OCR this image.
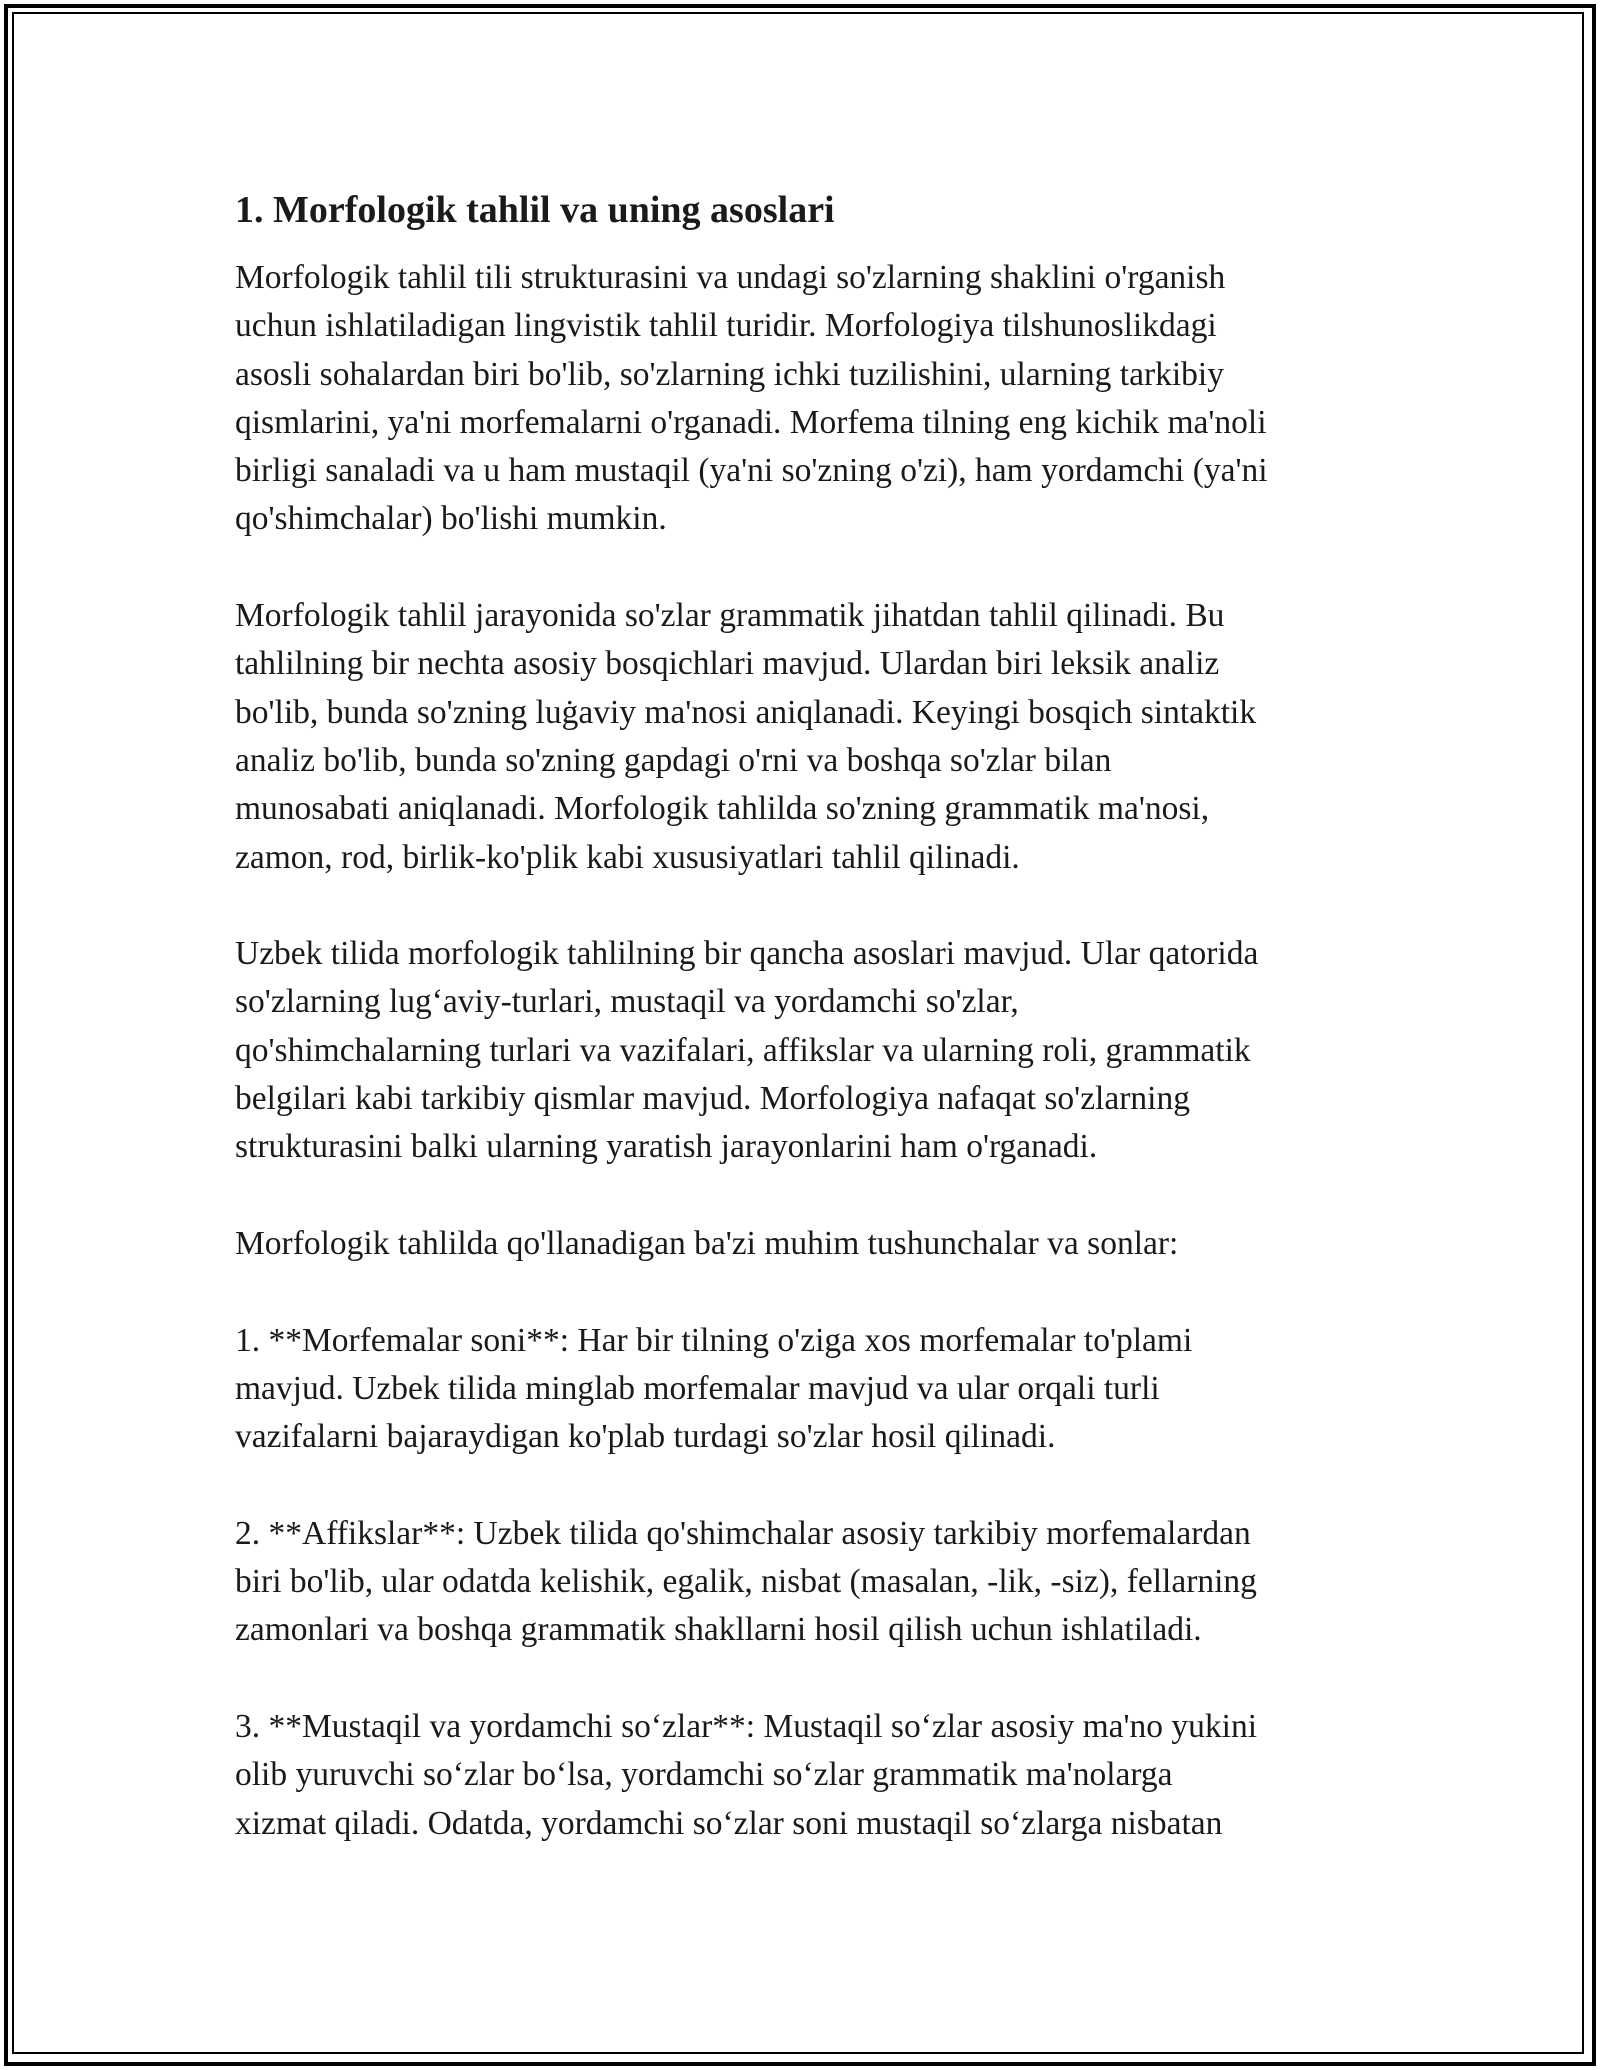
1. Morfologik tahlil va uning asoslari

Morfologik tahlil tili strukturasini va undagi so'zlarning shaklini o'rganish
uchun ishlatiladigan lingvistik tahlil turidir. Morfologiya tilshunoslikdagi
asosli sohalardan biri bo'lib, so'zlarning ichki tuzilishini, ularning tarkibiy
qismlarini, ya'ni morfemalarni o'rganadi. Morfema tilning eng kichik ma'noli
birligi sanaladi va u ham mustaqil (ya'ni so'zning o'zi), ham yordamchi (ya'ni
qo'shimchalar) bo'lishi mumkin.

Morfologik tahlil jarayonida so'zlar grammatik jihatdan tahlil qilinadi. Bu
tahlilning bir nechta asosiy bosqichlari mavjud. Ulardan biri leksik analiz
bo'lib, bunda so'zning luġaviy ma'nosi aniqlanadi. Keyingi bosqich sintaktik
analiz bo'lib, bunda so'zning gapdagi o'rni va boshqa so'zlar bilan
munosabati aniqlanadi. Morfologik tahlilda so'zning grammatik ma'nosi,
zamon, rod, birlik-ko'plik kabi xususiyatlari tahlil qilinadi.

Uzbek tilida morfologik tahlilning bir qancha asoslari mavjud. Ular qatorida
so'zlarning lug‘aviy-turlari, mustaqil va yordamchi so'zlar,
qo'shimchalarning turlari va vazifalari, affikslar va ularning roli, grammatik
belgilari kabi tarkibiy qismlar mavjud. Morfologiya nafaqat so'zlarning
strukturasini balki ularning yaratish jarayonlarini ham o'rganadi.

Morfologik tahlilda qo'llanadigan ba'zi muhim tushunchalar va sonlar:

1. **Morfemalar soni**: Har bir tilning o'ziga xos morfemalar to'plami
mavjud. Uzbek tilida minglab morfemalar mavjud va ular orqali turli
vazifalarni bajaraydigan ko'plab turdagi so'zlar hosil qilinadi.

2. **Affikslar**: Uzbek tilida qo'shimchalar asosiy tarkibiy morfemalardan
biri bo'lib, ular odatda kelishik, egalik, nisbat (masalan, -lik, -siz), fellarning
zamonlari va boshqa grammatik shakllarni hosil qilish uchun ishlatiladi.

3. **Mustaqil va yordamchi so‘zlar**: Mustaqil so‘zlar asosiy ma'no yukini
olib yuruvchi so‘zlar bo‘lsa, yordamchi so‘zlar grammatik ma'nolarga
xizmat qiladi. Odatda, yordamchi so‘zlar soni mustaqil so‘zlarga nisbatan
